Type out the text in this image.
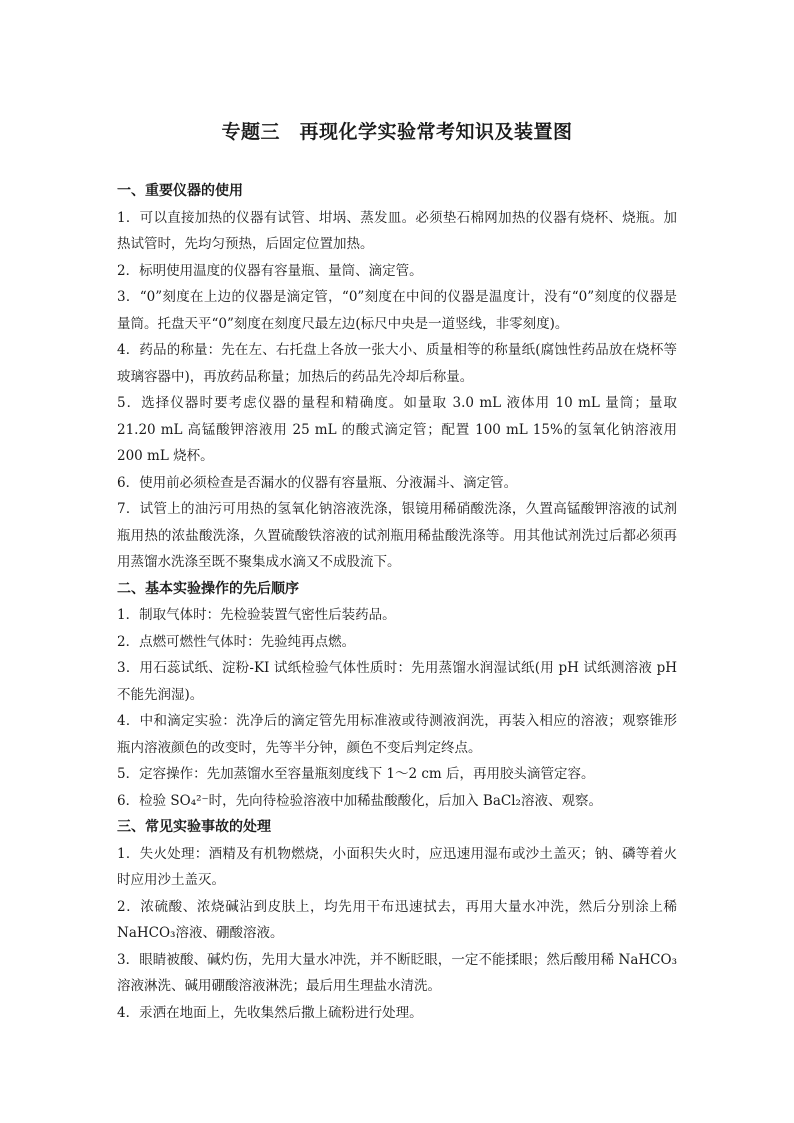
专题三　再现化学实验常考知识及装置图

一、重要仪器的使用

1．可以直接加热的仪器有试管、坩埚、蒸发皿。必须垫石棉网加热的仪器有烧杯、烧瓶。加热试管时，先均匀预热，后固定位置加热。

2．标明使用温度的仪器有容量瓶、量筒、滴定管。

3．“0”刻度在上边的仪器是滴定管，“0”刻度在中间的仪器是温度计，没有“0”刻度的仪器是量筒。托盘天平“0”刻度在刻度尺最左边(标尺中央是一道竖线，非零刻度)。

4．药品的称量：先在左、右托盘上各放一张大小、质量相等的称量纸(腐蚀性药品放在烧杯等玻璃容器中)，再放药品称量；加热后的药品先冷却后称量。

5．选择仪器时要考虑仪器的量程和精确度。如量取 3.0 mL 液体用 10 mL 量筒；量取 21.20 mL 高锰酸钾溶液用 25 mL 的酸式滴定管；配置 100 mL 15%的氢氧化钠溶液用 200 mL 烧杯。

6．使用前必须检查是否漏水的仪器有容量瓶、分液漏斗、滴定管。

7．试管上的油污可用热的氢氧化钠溶液洗涤，银镜用稀硝酸洗涤，久置高锰酸钾溶液的试剂瓶用热的浓盐酸洗涤，久置硫酸铁溶液的试剂瓶用稀盐酸洗涤等。用其他试剂洗过后都必须再用蒸馏水洗涤至既不聚集成水滴又不成股流下。

二、基本实验操作的先后顺序

1．制取气体时：先检验装置气密性后装药品。

2．点燃可燃性气体时：先验纯再点燃。

3．用石蕊试纸、淀粉-KI 试纸检验气体性质时：先用蒸馏水润湿试纸(用 pH 试纸测溶液 pH 不能先润湿)。

4．中和滴定实验：洗净后的滴定管先用标准液或待测液润洗，再装入相应的溶液；观察锥形瓶内溶液颜色的改变时，先等半分钟，颜色不变后判定终点。

5．定容操作：先加蒸馏水至容量瓶刻度线下 1～2 cm 后，再用胶头滴管定容。

6．检验 SO₄²⁻时，先向待检验溶液中加稀盐酸酸化，后加入 BaCl₂溶液、观察。

三、常见实验事故的处理

1．失火处理：酒精及有机物燃烧，小面积失火时，应迅速用湿布或沙土盖灭；钠、磷等着火时应用沙土盖灭。

2．浓硫酸、浓烧碱沾到皮肤上，均先用干布迅速拭去，再用大量水冲洗，然后分别涂上稀 NaHCO₃溶液、硼酸溶液。

3．眼睛被酸、碱灼伤，先用大量水冲洗，并不断眨眼，一定不能揉眼；然后酸用稀 NaHCO₃ 溶液淋洗、碱用硼酸溶液淋洗；最后用生理盐水清洗。

4．汞洒在地面上，先收集然后撒上硫粉进行处理。
